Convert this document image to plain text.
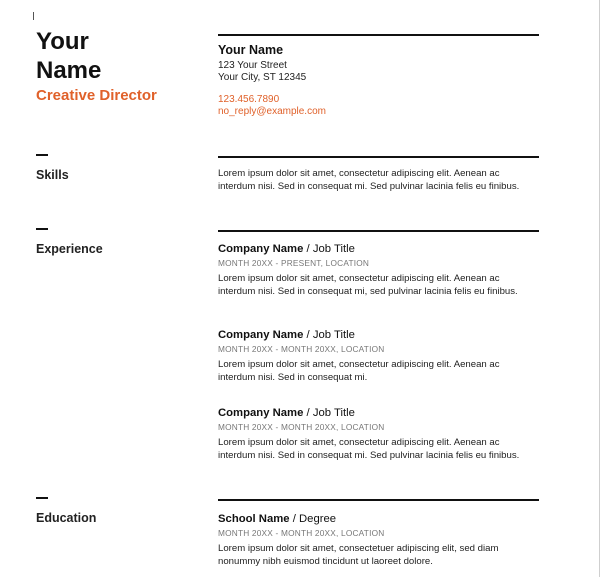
Your
Name
Creative Director
Your Name
123 Your Street
Your City, ST 12345
123.456.7890
no_reply@example.com
Skills	Lorem ipsum dolor sit amet, consectetur adipiscing elit. Aenean ac interdum nisi. Sed in consequat mi. Sed pulvinar lacinia felis eu finibus.
Experience	Company Name / Job Title
MONTH 20XX - PRESENT, LOCATION
Lorem ipsum dolor sit amet, consectetur adipiscing elit. Aenean ac interdum nisi. Sed in consequat mi, sed pulvinar lacinia felis eu finibus.
Company Name / Job Title
MONTH 20XX - MONTH 20XX, LOCATION
Lorem ipsum dolor sit amet, consectetur adipiscing elit. Aenean ac interdum nisi. Sed in consequat mi.
Company Name / Job Title
MONTH 20XX - MONTH 20XX, LOCATION
Lorem ipsum dolor sit amet, consectetur adipiscing elit. Aenean ac interdum nisi. Sed in consequat mi. Sed pulvinar lacinia felis eu finibus.
Education	School Name / Degree
MONTH 20XX - MONTH 20XX, LOCATION
Lorem ipsum dolor sit amet, consectetuer adipiscing elit, sed diam nonummy nibh euismod tincidunt ut laoreet dolore.
